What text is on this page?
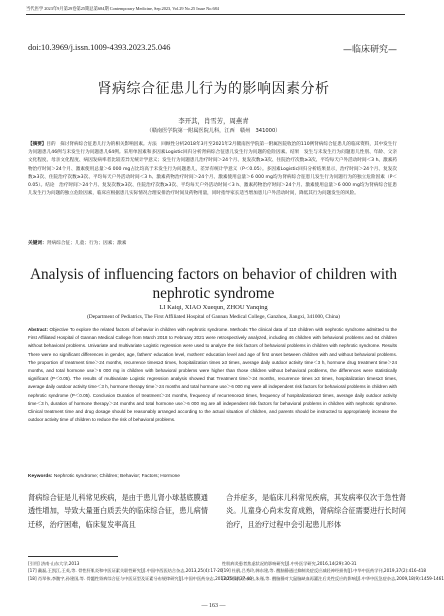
当代医学 2023年9月第29卷第25期总第684期 Contemporary Medicine, Sep.2023, Vol.29 No.25 Issue No.684
doi:10.3969/j.issn.1009-4393.2023.25.046	—临床研究—
肾病综合征患儿行为的影响因素分析
李开其，肖雪芳，周燕青
（赣南医学院第一附属医院儿科，江西　赣州　341000）
【摘要】目的　探讨肾病综合征患儿行为的相关影响因素。方法　回顾性分析2018年3月至2021年2月赣南医学院第一附属医院收治的110例肾病综合征患儿的临床资料，其中发生行为问题患儿46例与未发生行为问题患儿64例。采用单因素和多因素Logistic回归分析肾病综合征患儿发生行为问题的危险因素。结果　发生与未发生行为问题患儿性别、年龄、父亲文化程度、母亲文化程度、病因发病率者比较差异无统计学意义；发生行为问题患儿治疗时间＞24个月、复发次数≥3次、住院治疗次数≥3次、平均每天户外活动时间＜3 h、激素药物治疗时间＞24个月、激素使用总量＞6 000 mg占比均高于未发生行为问题患儿，差异有统计学意义（P＜0.05）。多因素Logistic回归分析结果显示，治疗时间＞24个月、复发次数≥3次、住院治疗次数≥3次、平均每天户外活动时间＜3 h、激素药物治疗时间＞24个月、激素使用总量＞6 000 mg均为肾病综合征患儿发生行为问题行为的独立危险因素（P＜0.05）。结论　治疗时间＞24个月、复发次数≥3次、住院治疗次数≥3次、平均每天户外活动时间＜3 h、激素药物治疗时间＞24个月、激素使用总量＞6 000 mg均为肾病综合征患儿发生行为问题的独立危险因素，临床应根据患儿实际情况合理安排治疗时间及药物用量，同时指导家长适当增加患儿户外活动时间，降低其行为问题发生的风险。
关键词：肾病综合征；儿童；行为；因素；激素
Analysis of influencing factors on behavior of children with nephrotic syndrome
LI Kaiqi, XIAO Xuequn, ZHOU Yanqing
(Department of Pediatrics, The First Affiliated Hospital of Gannan Medical College, Ganzhou, Jiangxi, 341000, China)
Abstract: Objective To explore the related factors of behavior in children with nephrotic syndrome. Methods The clinical data of 110 children with nephrotic syndrome admitted to the First Affiliated Hospital of Gannan Medical College from March 2018 to February 2021 were retrospectively analyzed, including 46 children with behavioral problems and 64 children without behavioral problems. Univariate and multivariate Logistic regression were used to analyze the risk factors of behavioral problems in children with nephrotic syndrome. Results There were no significant differences in gender, age, fathers' education level, mothers' education level and age of first onset between children with and without behavioral problems. The proportion of treatment time＞24 months, recurrence times≥3 times, hospitalization times ≥3 times, average daily outdoor activity time＜3 h, hormone drug treatment time＞24 months, and total hormone use＞6 000 mg in children with behavioral problems were higher than those children without behavioral problems, the differences were statistically significant (P＜0.05). The results of multivariate Logistic regression analysis showed that Treatment time＞24 months, recurrence times ≥3 times, hospitalization times≥3 times, average daily outdoor activity time＜3 h, hormone therapy time＞24 months and total hormone use＞6 000 mg were all independent risk factors for behavioral problems in children with nephrotic syndrome (P＜0.05). Conclusion Duration of treatment＞24 months, frequency of recurrence≥3 times, frequency of hospitalization≥3 times, average daily outdoor activity time＜3 h, duration of hormone therapy＞24 months and total hormone use＞6 000 mg are all independent risk factors for behavioral problems in children with nephrotic syndrome. Clinical treatment time and drug dosage should be reasonably arranged according to the actual situation of children, and parents should be instructed to appropriately increase the outdoor activity time of children to reduce the risk of behavioral problems.
Keywords: Nephrotic syndrome; Children; Behavior; Factors; Hormone
肾病综合征是儿科常见疾病，是由于患儿肾小球基底膜通透性增加，导致大量蛋白质丢失的临床综合征，患儿病情迁移，治疗困难，临床复发率高且
合并症多，是临床儿科常见疾病，其发病率仅次于急性肾炎。儿童身心尚未发育成熟，肾病综合征需要进行长时间治疗，且治疗过程中会引起患儿形体
[引用] 济南·山东大学,2013
[17] 戴磊,王凯江,王英,等. 骨性肝肌炎和中医证素关联性研究[J].中国中西医结合杂志,2013,25(4):17-20
[18] 肖翠伟,李馥宇,孙建国,等. 骨髓性肾病综合征与中医证型及证素分布规律研究[J].中国中医药杂志,2013,25(1):37-40
性肌病炎患者焦虑状况的影响研究[J].中外医学研究,2016,14(29):30-31
[19] 杜鹃,吕秀玲,韩东建,等. 醒脑静通过抑制炎症反应减轻神经损伤[J].中华中医药学刊,2019,37(2):416-418
[20] 杜鹃,吕永启,朱瑾,等. 醒脑静对大鼠脑缺血再灌注后炎性反应的影响[J].中华中医急症杂志,2009,18(9):1459-1461
— 163 —
